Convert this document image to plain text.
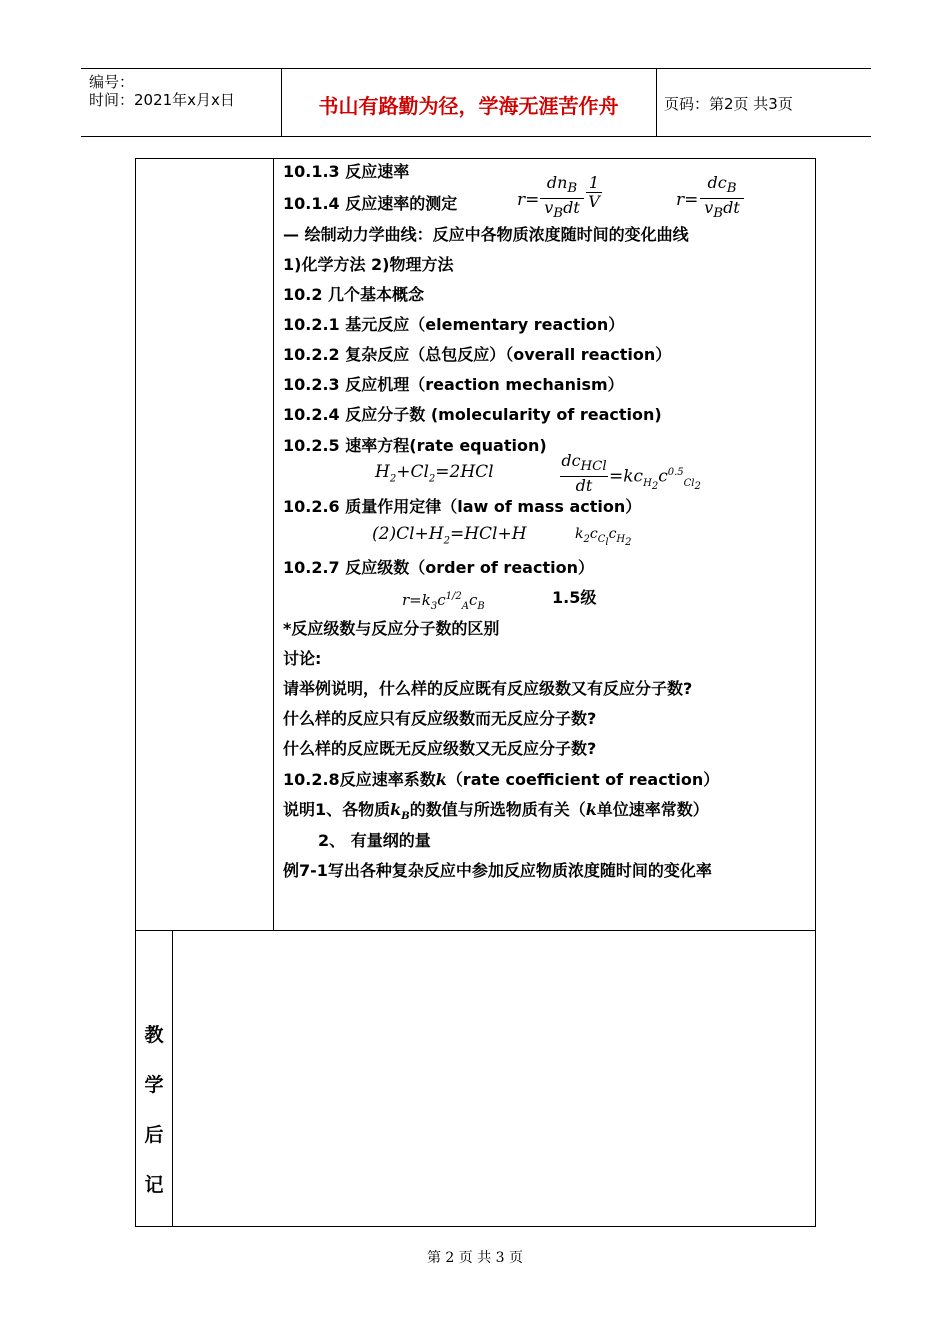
编号：
时间：2021年x月x日	书山有路勤为径，学海无涯苦作舟	页码：第2页 共3页
10.1.3 反应速率
10.1.4 反应速率的测定	r=
$dn_B$
$v_Bdt \frac{1}{V}$	r=
$dc_B$
$v_Bdt$
— 绘制动力学曲线：反应中各物质浓度随时间的变化曲线
1)化学方法 2)物理方法
10.2 几个基本概念
10.2.1 基元反应（elementary reaction）
10.2.2 复杂反应（总包反应）（overall reaction）
10.2.3 反应机理（reaction mechanism）
10.2.4 反应分子数 (molecularity of reaction)
10.2.5 速率方程(rate equation)
$H_2+Cl_2=2HCl$
$dc_{HCl}$
dt $=kc_{H_2}c^{0.5}_{Cl_2}$
10.2.6 质量作用定律（law of mass action）
$(2)Cl+H_2=HCl+H$	$k_2c_{C_l}c_{H_2}$
10.2.7 反应级数（order of reaction）
$r=k_3c^{1/2}_Ac_B$	1.5级
*反应级数与反应分子数的区别
讨论:
请举例说明，什么样的反应既有反应级数又有反应分子数?
什么样的反应只有反应级数而无反应分子数?
什么样的反应既无反应级数又无反应分子数?
10.2.8反应速率系数k（rate coefficient of reaction）
说明1、各物质$k_B$的数值与所选物质有关（k单位速率常数）
2、 有量纲的量
例7-1写出各种复杂反应中参加反应物质浓度随时间的变化率
教
学
后
记
第 2 页 共 3 页
